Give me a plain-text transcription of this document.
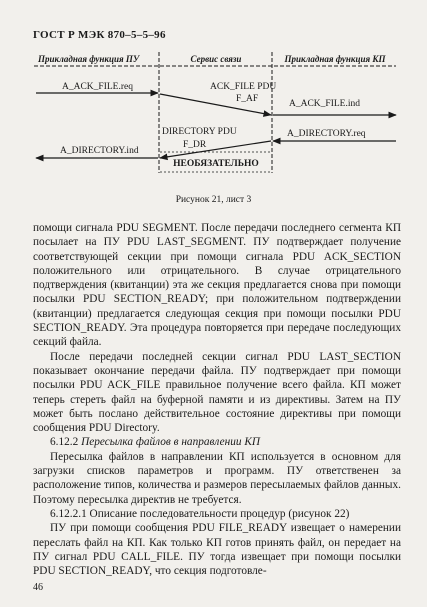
ГОСТ Р МЭК 870–5–5–96
Прикладная функция ПУ	Сервис связи	Прикладная функция КП
A_ACK_FILE.req	ACK_FILE PDU
F_AF	A_ACK_FILE.ind
A_DIRECTORY.req
DIRECTORY PDU
F_DR
A_DIRECTORY.ind
НЕОБЯЗАТЕЛЬНО
Рисунок 21, лист 3

помощи сигнала PDU SEGMENT. После передачи последнего сегмента КП посылает на ПУ PDU LAST_SEGMENT. ПУ подтверждает получение соответствующей секции при помощи сигнала PDU ACK_SECTION положительного или отрицательного. В случае отрицательного подтверждения (квитанции) эта же секция предлагается снова при помощи посылки PDU SECTION_READY; при положительном подтверждении (квитанции) предлагается следующая секция при помощи посылки PDU SECTION_READY. Эта процедура повторяется при передаче последующих секций файла.

После передачи последней секции сигнал PDU LAST_SECTION показывает окончание передачи файла. ПУ подтверждает при помощи посылки PDU ACK_FILE правильное получение всего файла. КП может теперь стереть файл на буферной памяти и из директивы. Затем на ПУ может быть послано действительное состояние директивы при помощи сообщения PDU Directory.

6.12.2 Пересылка файлов в направлении КП

Пересылка файлов в направлении КП используется в основном для загрузки списков параметров и программ. ПУ ответственен за расположение типов, количества и размеров пересылаемых файлов данных. Поэтому пересылка директив не требуется.

6.12.2.1 Описание последовательности процедур (рисунок 22)

ПУ при помощи сообщения PDU FILE_READY извещает о намерении переслать файл на КП. Как только КП готов принять файл, он передает на ПУ сигнал PDU CALL_FILE. ПУ тогда извещает при помощи посылки PDU SECTION_READY, что секция подготовле-

46
